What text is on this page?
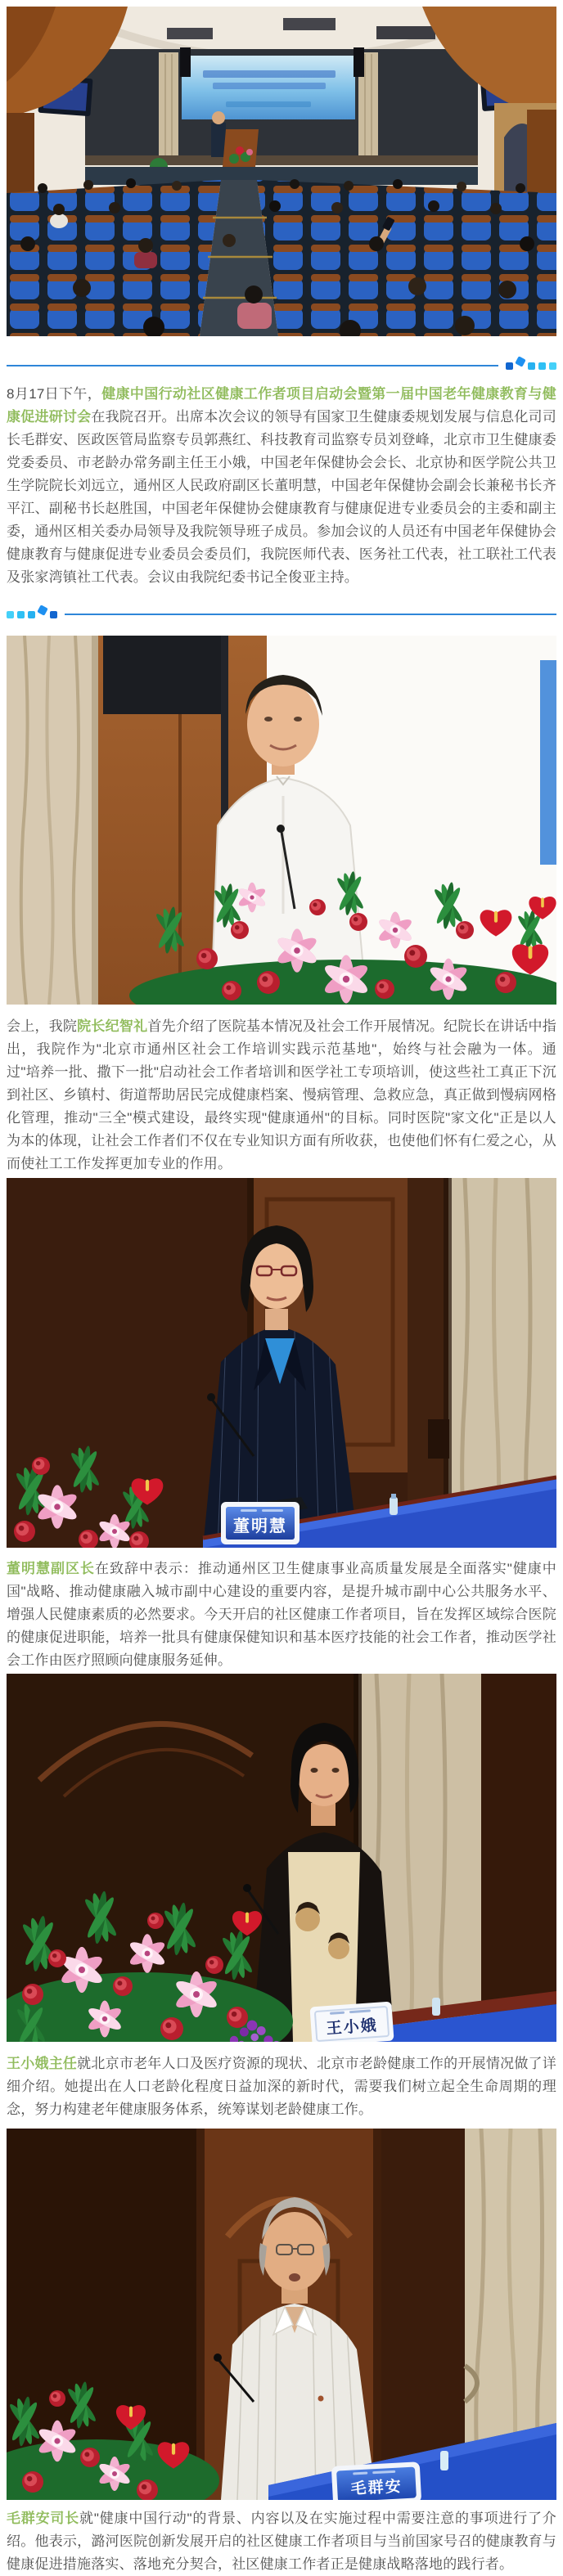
8月17日下午，健康中国行动社区健康工作者项目启动会暨第一届中国老年健康教育与健康促进研讨会在我院召开。出席本次会议的领导有国家卫生健康委规划发展与信息化司司长毛群安、医政医管局监察专员郭燕红、科技教育司监察专员刘登峰，北京市卫生健康委党委委员、市老龄办常务副主任王小娥，中国老年保健协会会长、北京协和医学院公共卫生学院院长刘远立，通州区人民政府副区长董明慧，中国老年保健协会副会长兼秘书长齐平江、副秘书长赵胜国，中国老年保健协会健康教育与健康促进专业委员会的主委和副主委，通州区相关委办局领导及我院领导班子成员。参加会议的人员还有中国老年保健协会健康教育与健康促进专业委员会委员们，我院医师代表、医务社工代表，社工联社工代表及张家湾镇社工代表。会议由我院纪委书记全俊亚主持。

会上，我院院长纪智礼首先介绍了医院基本情况及社会工作开展情况。纪院长在讲话中指出，我院作为"北京市通州区社会工作培训实践示范基地"，始终与社会融为一体。通过"培养一批、撒下一批"启动社会工作者培训和医学社工专项培训，使这些社工真正下沉到社区、乡镇村、街道帮助居民完成健康档案、慢病管理、急救应急，真正做到慢病网格化管理，推动"三全"模式建设，最终实现"健康通州"的目标。同时医院"家文化"正是以人为本的体现，让社会工作者们不仅在专业知识方面有所收获，也使他们怀有仁爱之心，从而使社工工作发挥更加专业的作用。

董明慧

董明慧副区长在致辞中表示：推动通州区卫生健康事业高质量发展是全面落实"健康中国"战略、推动健康融入城市副中心建设的重要内容，是提升城市副中心公共服务水平、增强人民健康素质的必然要求。今天开启的社区健康工作者项目，旨在发挥区域综合医院的健康促进职能，培养一批具有健康保健知识和基本医疗技能的社会工作者，推动医学社会工作由医疗照顾向健康服务延伸。

王小娥

王小娥主任就北京市老年人口及医疗资源的现状、北京市老龄健康工作的开展情况做了详细介绍。她提出在人口老龄化程度日益加深的新时代，需要我们树立起全生命周期的理念，努力构建老年健康服务体系，统筹谋划老龄健康工作。

毛群安

毛群安司长就"健康中国行动"的背景、内容以及在实施过程中需要注意的事项进行了介绍。他表示，潞河医院创新发展开启的社区健康工作者项目与当前国家号召的健康教育与健康促进措施落实、落地充分契合，社区健康工作者正是健康战略落地的践行者。
